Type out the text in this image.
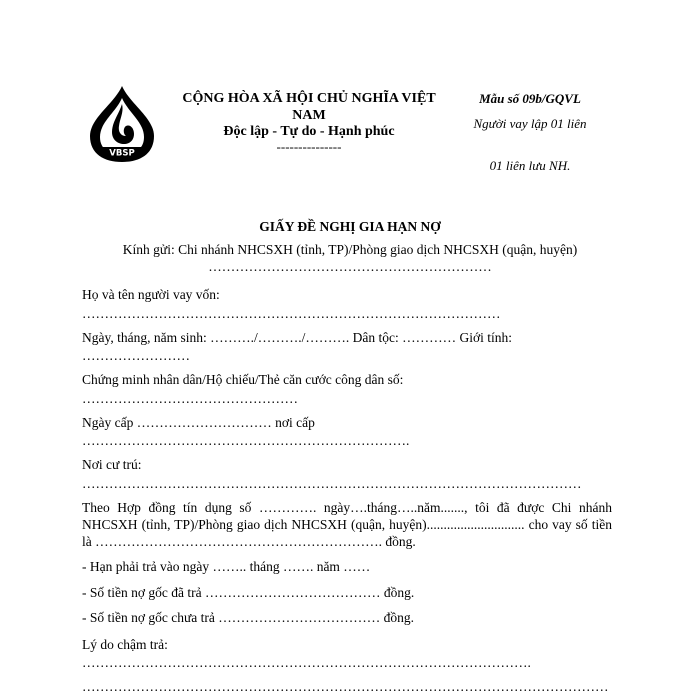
VBSP
CỘNG HÒA XÃ HỘI CHỦ NGHĨA VIỆT NAM
Độc lập - Tự do - Hạnh phúc
---------------
Mẫu số 09b/GQVL
Người vay lập 01 liên
01 liên lưu NH.
GIẤY ĐỀ NGHỊ GIA HẠN NỢ
Kính gửi: Chi nhánh NHCSXH (tỉnh, TP)/Phòng giao dịch NHCSXH (quận, huyện)
………………………………………………………
Họ và tên người vay vốn:
…………………………………………………………………………………
Ngày, tháng, năm sinh: ………./………./………. Dân tộc: ………… Giới tính:
……………………
Chứng minh nhân dân/Hộ chiếu/Thẻ căn cước công dân số:
…………………………………………
Ngày cấp ………………………… nơi cấp
……………………………………………………………….
Nơi cư trú:
…………………………………………………………………………………………………
Theo Hợp đồng tín dụng số …………. ngày….tháng…..năm......., tôi đã được Chi nhánh NHCSXH (tỉnh, TP)/Phòng giao dịch NHCSXH (quận, huyện)............................. cho vay số tiền là ………………………………………………………. đồng.
- Hạn phải trả vào ngày …….. tháng ……. năm ……
- Số tiền nợ gốc đã trả ………………………………… đồng.
- Số tiền nợ gốc chưa trả ……………………………… đồng.
Lý do chậm trả:
……………………………………………………………………………………….
………………………………………………………………………………………………………
